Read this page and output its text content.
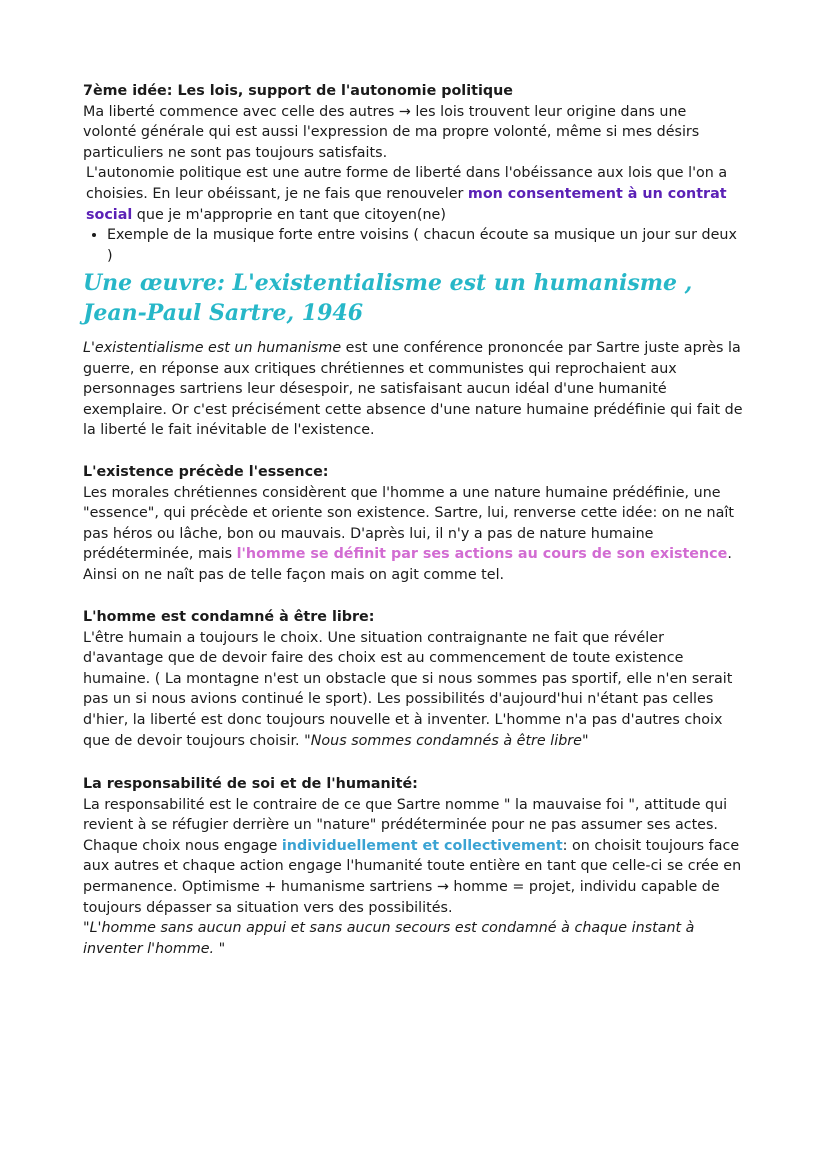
7ème idée: Les lois, support de l'autonomie politique

Ma liberté commence avec celle des autres → les lois trouvent leur origine dans une volonté générale qui est aussi l'expression de ma propre volonté, même si mes désirs particuliers ne sont pas toujours satisfaits.

L'autonomie politique est une autre forme de liberté dans l'obéissance aux lois que l'on a choisies. En leur obéissant, je ne fais que renouveler mon consentement à un contrat social que je m'approprie en tant que citoyen(ne)

• Exemple de la musique forte entre voisins ( chacun écoute sa musique un jour sur deux )
Une œuvre: L'existentialisme est un humanisme , Jean-Paul Sartre, 1946

L'existentialisme est un humanisme est une conférence prononcée par Sartre juste après la guerre, en réponse aux critiques chrétiennes et communistes qui reprochaient aux personnages sartriens leur désespoir, ne satisfaisant aucun idéal d'une humanité exemplaire. Or c'est précisément cette absence d'une nature humaine prédéfinie qui fait de la liberté le fait inévitable de l'existence.

L'existence précède l'essence:

Les morales chrétiennes considèrent que l'homme a une nature humaine prédéfinie, une "essence", qui précède et oriente son existence. Sartre, lui, renverse cette idée: on ne naît pas héros ou lâche, bon ou mauvais. D'après lui, il n'y a pas de nature humaine prédéterminée, mais l'homme se définit par ses actions au cours de son existence. Ainsi on ne naît pas de telle façon mais on agit comme tel.

L'homme est condamné à être libre:

L'être humain a toujours le choix. Une situation contraignante ne fait que révéler d'avantage que de devoir faire des choix est au commencement de toute existence humaine. ( La montagne n'est un obstacle que si nous sommes pas sportif, elle n'en serait pas un si nous avions continué le sport). Les possibilités d'aujourd'hui n'étant pas celles d'hier, la liberté est donc toujours nouvelle et à inventer. L'homme n'a pas d'autres choix que de devoir toujours choisir. "Nous sommes condamnés à être libre"

La responsabilité de soi et de l'humanité:

La responsabilité est le contraire de ce que Sartre nomme " la mauvaise foi ", attitude qui revient à se réfugier derrière un "nature" prédéterminée pour ne pas assumer ses actes. Chaque choix nous engage individuellement et collectivement: on choisit toujours face aux autres et chaque action engage l'humanité toute entière en tant que celle-ci se crée en permanence. Optimisme + humanisme sartriens → homme = projet, individu capable de toujours dépasser sa situation vers des possibilités.

"L'homme sans aucun appui et sans aucun secours est condamné à chaque instant à inventer l'homme. "
